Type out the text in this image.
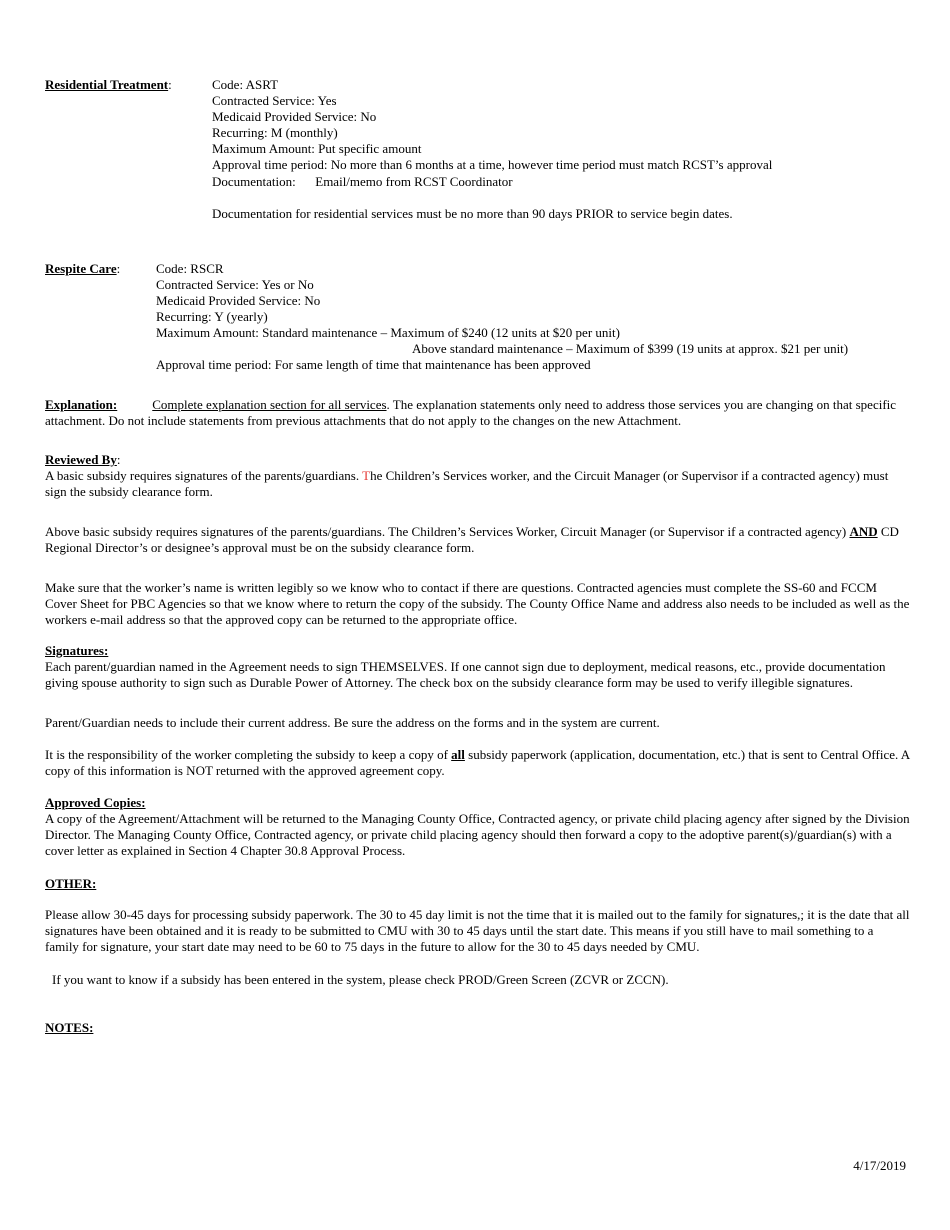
Residential Treatment:	Code: ASRT
Contracted Service: Yes
Medicaid Provided Service: No
Recurring: M (monthly)
Maximum Amount: Put specific amount
Approval time period: No more than 6 months at a time, however time period must match RCST’s approval
Documentation:      Email/memo from RCST Coordinator
Documentation for residential services must be no more than 90 days PRIOR to service begin dates.
Respite Care:	Code: RSCR
Contracted Service: Yes or No
Medicaid Provided Service: No
Recurring: Y (yearly)
Maximum Amount: Standard maintenance – Maximum of $240 (12 units at $20 per unit)
Above standard maintenance – Maximum of $399 (19 units at approx. $21 per unit)
Approval time period: For same length of time that maintenance has been approved
Explanation:	Complete explanation section for all services. The explanation statements only need to address those services you are changing on that specific attachment. Do not include statements from previous attachments that do not apply to the changes on the new Attachment.
Reviewed By:
A basic subsidy requires signatures of the parents/guardians. The Children’s Services worker, and the Circuit Manager (or Supervisor if a contracted agency) must sign the subsidy clearance form.
Above basic subsidy requires signatures of the parents/guardians. The Children’s Services Worker, Circuit Manager (or Supervisor if a contracted agency) AND CD Regional Director’s or designee’s approval must be on the subsidy clearance form.
Make sure that the worker’s name is written legibly so we know who to contact if there are questions. Contracted agencies must complete the SS-60 and FCCM Cover Sheet for PBC Agencies so that we know where to return the copy of the subsidy. The County Office Name and address also needs to be included as well as the workers e-mail address so that the approved copy can be returned to the appropriate office.
Signatures:
Each parent/guardian named in the Agreement needs to sign THEMSELVES. If one cannot sign due to deployment, medical reasons, etc., provide documentation giving spouse authority to sign such as Durable Power of Attorney. The check box on the subsidy clearance form may be used to verify illegible signatures.
Parent/Guardian needs to include their current address. Be sure the address on the forms and in the system are current.
It is the responsibility of the worker completing the subsidy to keep a copy of all subsidy paperwork (application, documentation, etc.) that is sent to Central Office. A copy of this information is NOT returned with the approved agreement copy.
Approved Copies:
A copy of the Agreement/Attachment will be returned to the Managing County Office, Contracted agency, or private child placing agency after signed by the Division Director. The Managing County Office, Contracted agency, or private child placing agency should then forward a copy to the adoptive parent(s)/guardian(s) with a cover letter as explained in Section 4 Chapter 30.8 Approval Process.
OTHER:
Please allow 30-45 days for processing subsidy paperwork. The 30 to 45 day limit is not the time that it is mailed out to the family for signatures,; it is the date that all signatures have been obtained and it is ready to be submitted to CMU with 30 to 45 days until the start date. This means if you still have to mail something to a family for signature, your start date may need to be 60 to 75 days in the future to allow for the 30 to 45 days needed by CMU.
If you want to know if a subsidy has been entered in the system, please check PROD/Green Screen (ZCVR or ZCCN).
NOTES:
4/17/2019
